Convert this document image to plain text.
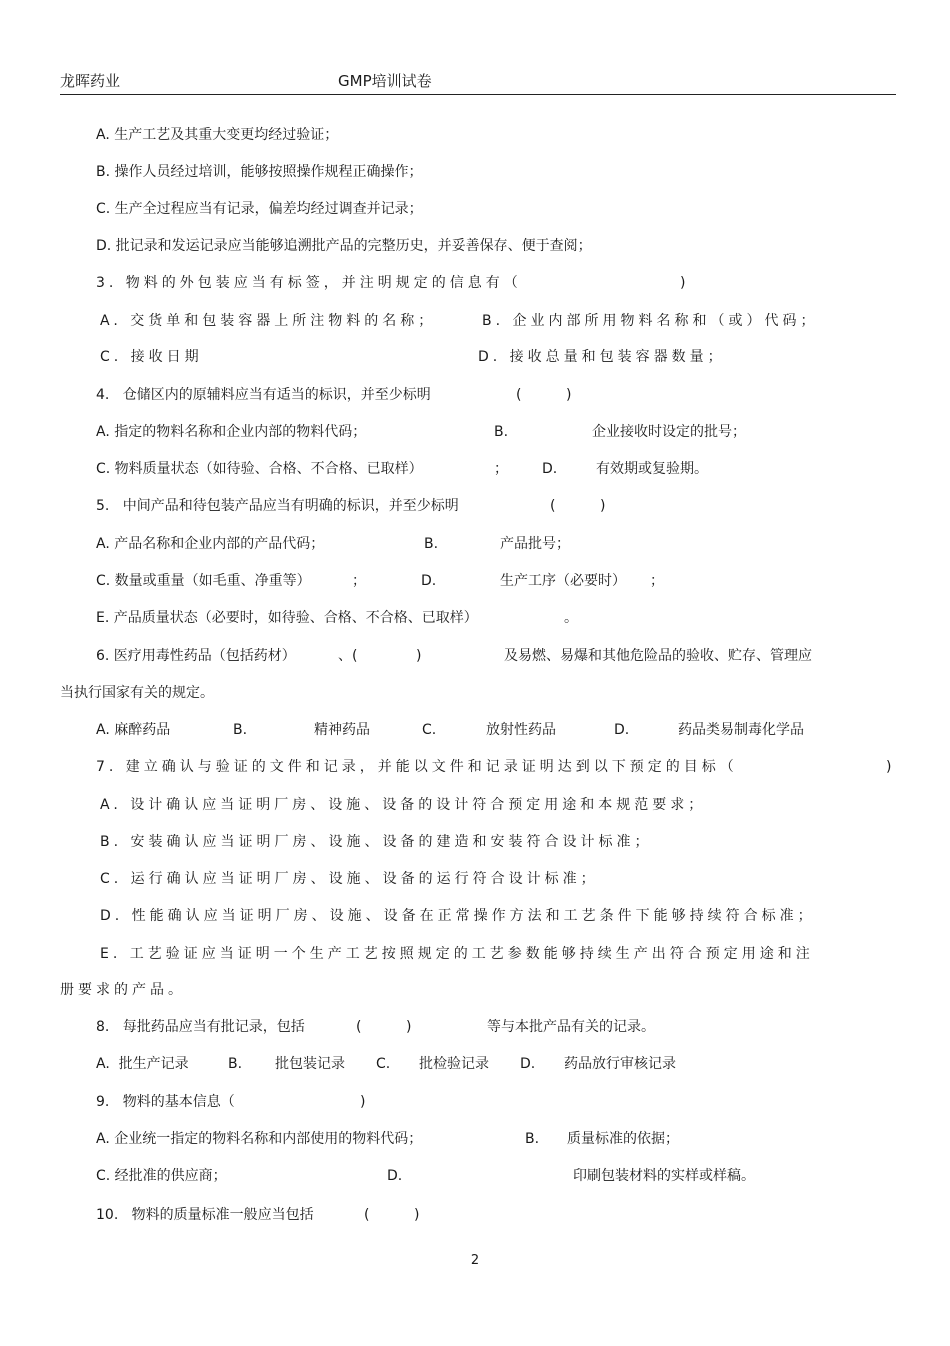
龙晖药业	GMP培训试卷
A. 生产工艺及其重大变更均经过验证；
B. 操作人员经过培训，能够按照操作规程正确操作；
C. 生产全过程应当有记录，偏差均经过调查并记录；
D. 批记录和发运记录应当能够追溯批产品的完整历史，并妥善保存、便于查阅；
3. 物料的外包装应当有标签，并注明规定的信息有（	)
A. 交货单和包装容器上所注物料的名称；	B. 企业内部所用物料名称和（或）代码；
C. 接收日期	D. 接收总量和包装容器数量；
4.   仓储区内的原辅料应当有适当的标识，并至少标明	(          )
A. 指定的物料名称和企业内部的物料代码；	B.	企业接收时设定的批号；
C. 物料质量状态（如待验、合格、不合格、已取样）	； D.	有效期或复验期。
5.   中间产品和待包装产品应当有明确的标识，并至少标明	(          )
A. 产品名称和企业内部的产品代码；	B.	产品批号；
C. 数量或重量（如毛重、净重等）	；	D.	生产工序（必要时） ；
E. 产品质量状态（必要时，如待验、合格、不合格、已取样）	。
6. 医疗用毒性药品（包括药材）	、(	)	及易燃、易爆和其他危险品的验收、贮存、管理应
当执行国家有关的规定。
A. 麻醉药品	B.	精神药品	C.	放射性药品	D.	药品类易制毒化学品
7. 建立确认与验证的文件和记录，并能以文件和记录证明达到以下预定的目标（	)
A. 设计确认应当证明厂房、设施、设备的设计符合预定用途和本规范要求；
B. 安装确认应当证明厂房、设施、设备的建造和安装符合设计标准；
C. 运行确认应当证明厂房、设施、设备的运行符合设计标准；
D. 性能确认应当证明厂房、设施、设备在正常操作方法和工艺条件下能够持续符合标准；
E. 工艺验证应当证明一个生产工艺按照规定的工艺参数能够持续生产出符合预定用途和注
册要求的产品。
8.   每批药品应当有批记录，包括	(          )	等与本批产品有关的记录。
A.  批生产记录	B. 批包装记录 C. 批检验记录 D. 药品放行审核记录
9.   物料的基本信息（	)
A. 企业统一指定的物料名称和内部使用的物料代码；	B. 质量标准的依据；
C. 经批准的供应商；	D.	印刷包装材料的实样或样稿。
10.   物料的质量标准一般应当包括	(          )
2
